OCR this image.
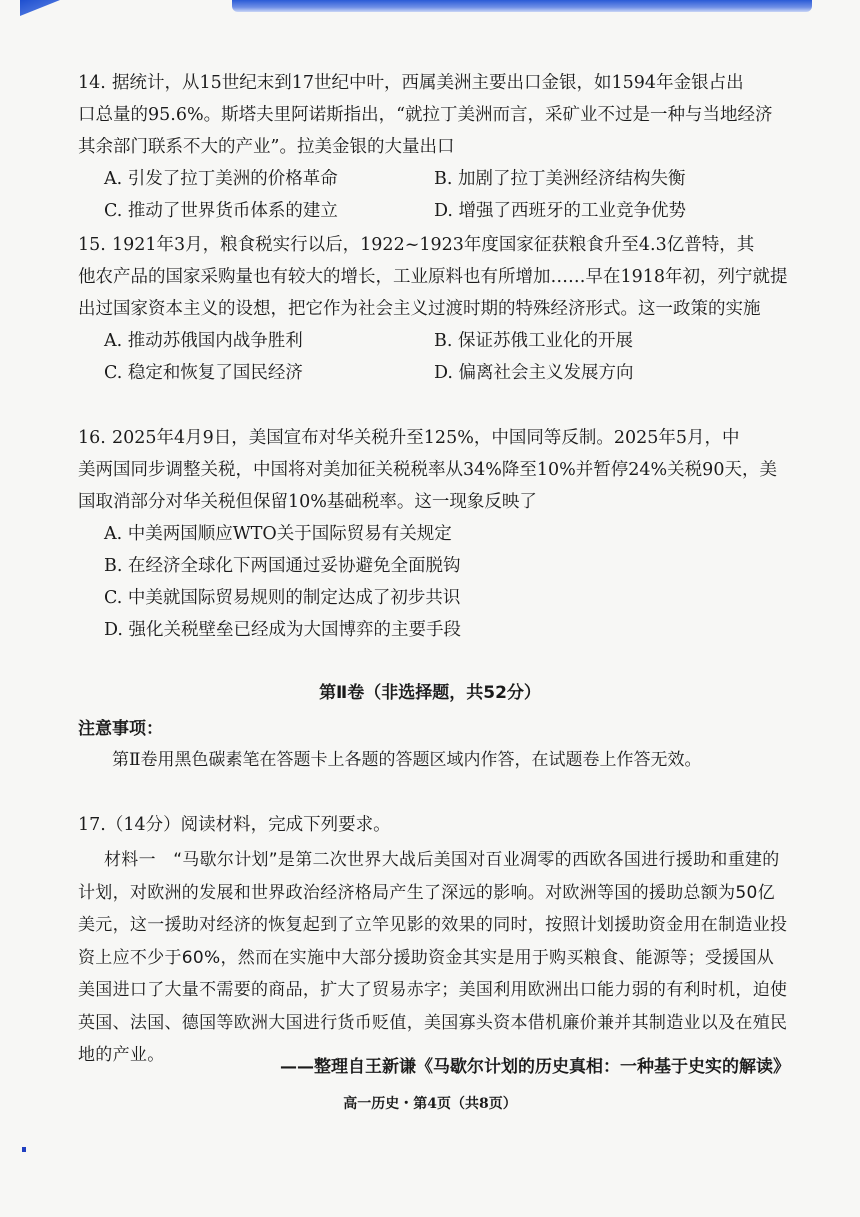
14. 据统计，从15世纪末到17世纪中叶，西属美洲主要出口金银，如1594年金银占出
口总量的95.6%。斯塔夫里阿诺斯指出，“就拉丁美洲而言，采矿业不过是一种与当地经济其余部门联系不大的产业”。拉美金银的大量出口
A. 引发了拉丁美洲的价格革命	B. 加剧了拉丁美洲经济结构失衡
C. 推动了世界货币体系的建立	D. 增强了西班牙的工业竞争优势
15. 1921年3月，粮食税实行以后，1922~1923年度国家征获粮食升至4.3亿普特，其
他农产品的国家采购量也有较大的增长，工业原料也有所增加……早在1918年初，列宁就提出过国家资本主义的设想，把它作为社会主义过渡时期的特殊经济形式。这一政策的实施
A. 推动苏俄国内战争胜利	B. 保证苏俄工业化的开展
C. 稳定和恢复了国民经济	D. 偏离社会主义发展方向
16. 2025年4月9日，美国宣布对华关税升至125%，中国同等反制。2025年5月，中
美两国同步调整关税，中国将对美加征关税税率从34%降至10%并暂停24%关税90天，美国取消部分对华关税但保留10%基础税率。这一现象反映了
A. 中美两国顺应WTO关于国际贸易有关规定
B. 在经济全球化下两国通过妥协避免全面脱钩
C. 中美就国际贸易规则的制定达成了初步共识
D. 强化关税壁垒已经成为大国博弈的主要手段
第Ⅱ卷（非选择题，共52分）
注意事项：
第Ⅱ卷用黑色碳素笔在答题卡上各题的答题区域内作答，在试题卷上作答无效。
17.（14分）阅读材料，完成下列要求。
材料一　“马歇尔计划”是第二次世界大战后美国对百业凋零的西欧各国进行援助和重建的计划，对欧洲的发展和世界政治经济格局产生了深远的影响。对欧洲等国的援助总额为50亿美元，这一援助对经济的恢复起到了立竿见影的效果的同时，按照计划援助资金用在制造业投资上应不少于60%，然而在实施中大部分援助资金其实是用于购买粮食、能源等；受援国从美国进口了大量不需要的商品，扩大了贸易赤字；美国利用欧洲出口能力弱的有利时机，迫使英国、法国、德国等欧洲大国进行货币贬值，美国寡头资本借机廉价兼并其制造业以及在殖民地的产业。
——整理自王新谦《马歇尔计划的历史真相：一种基于史实的解读》
高一历史・第4页（共8页）
